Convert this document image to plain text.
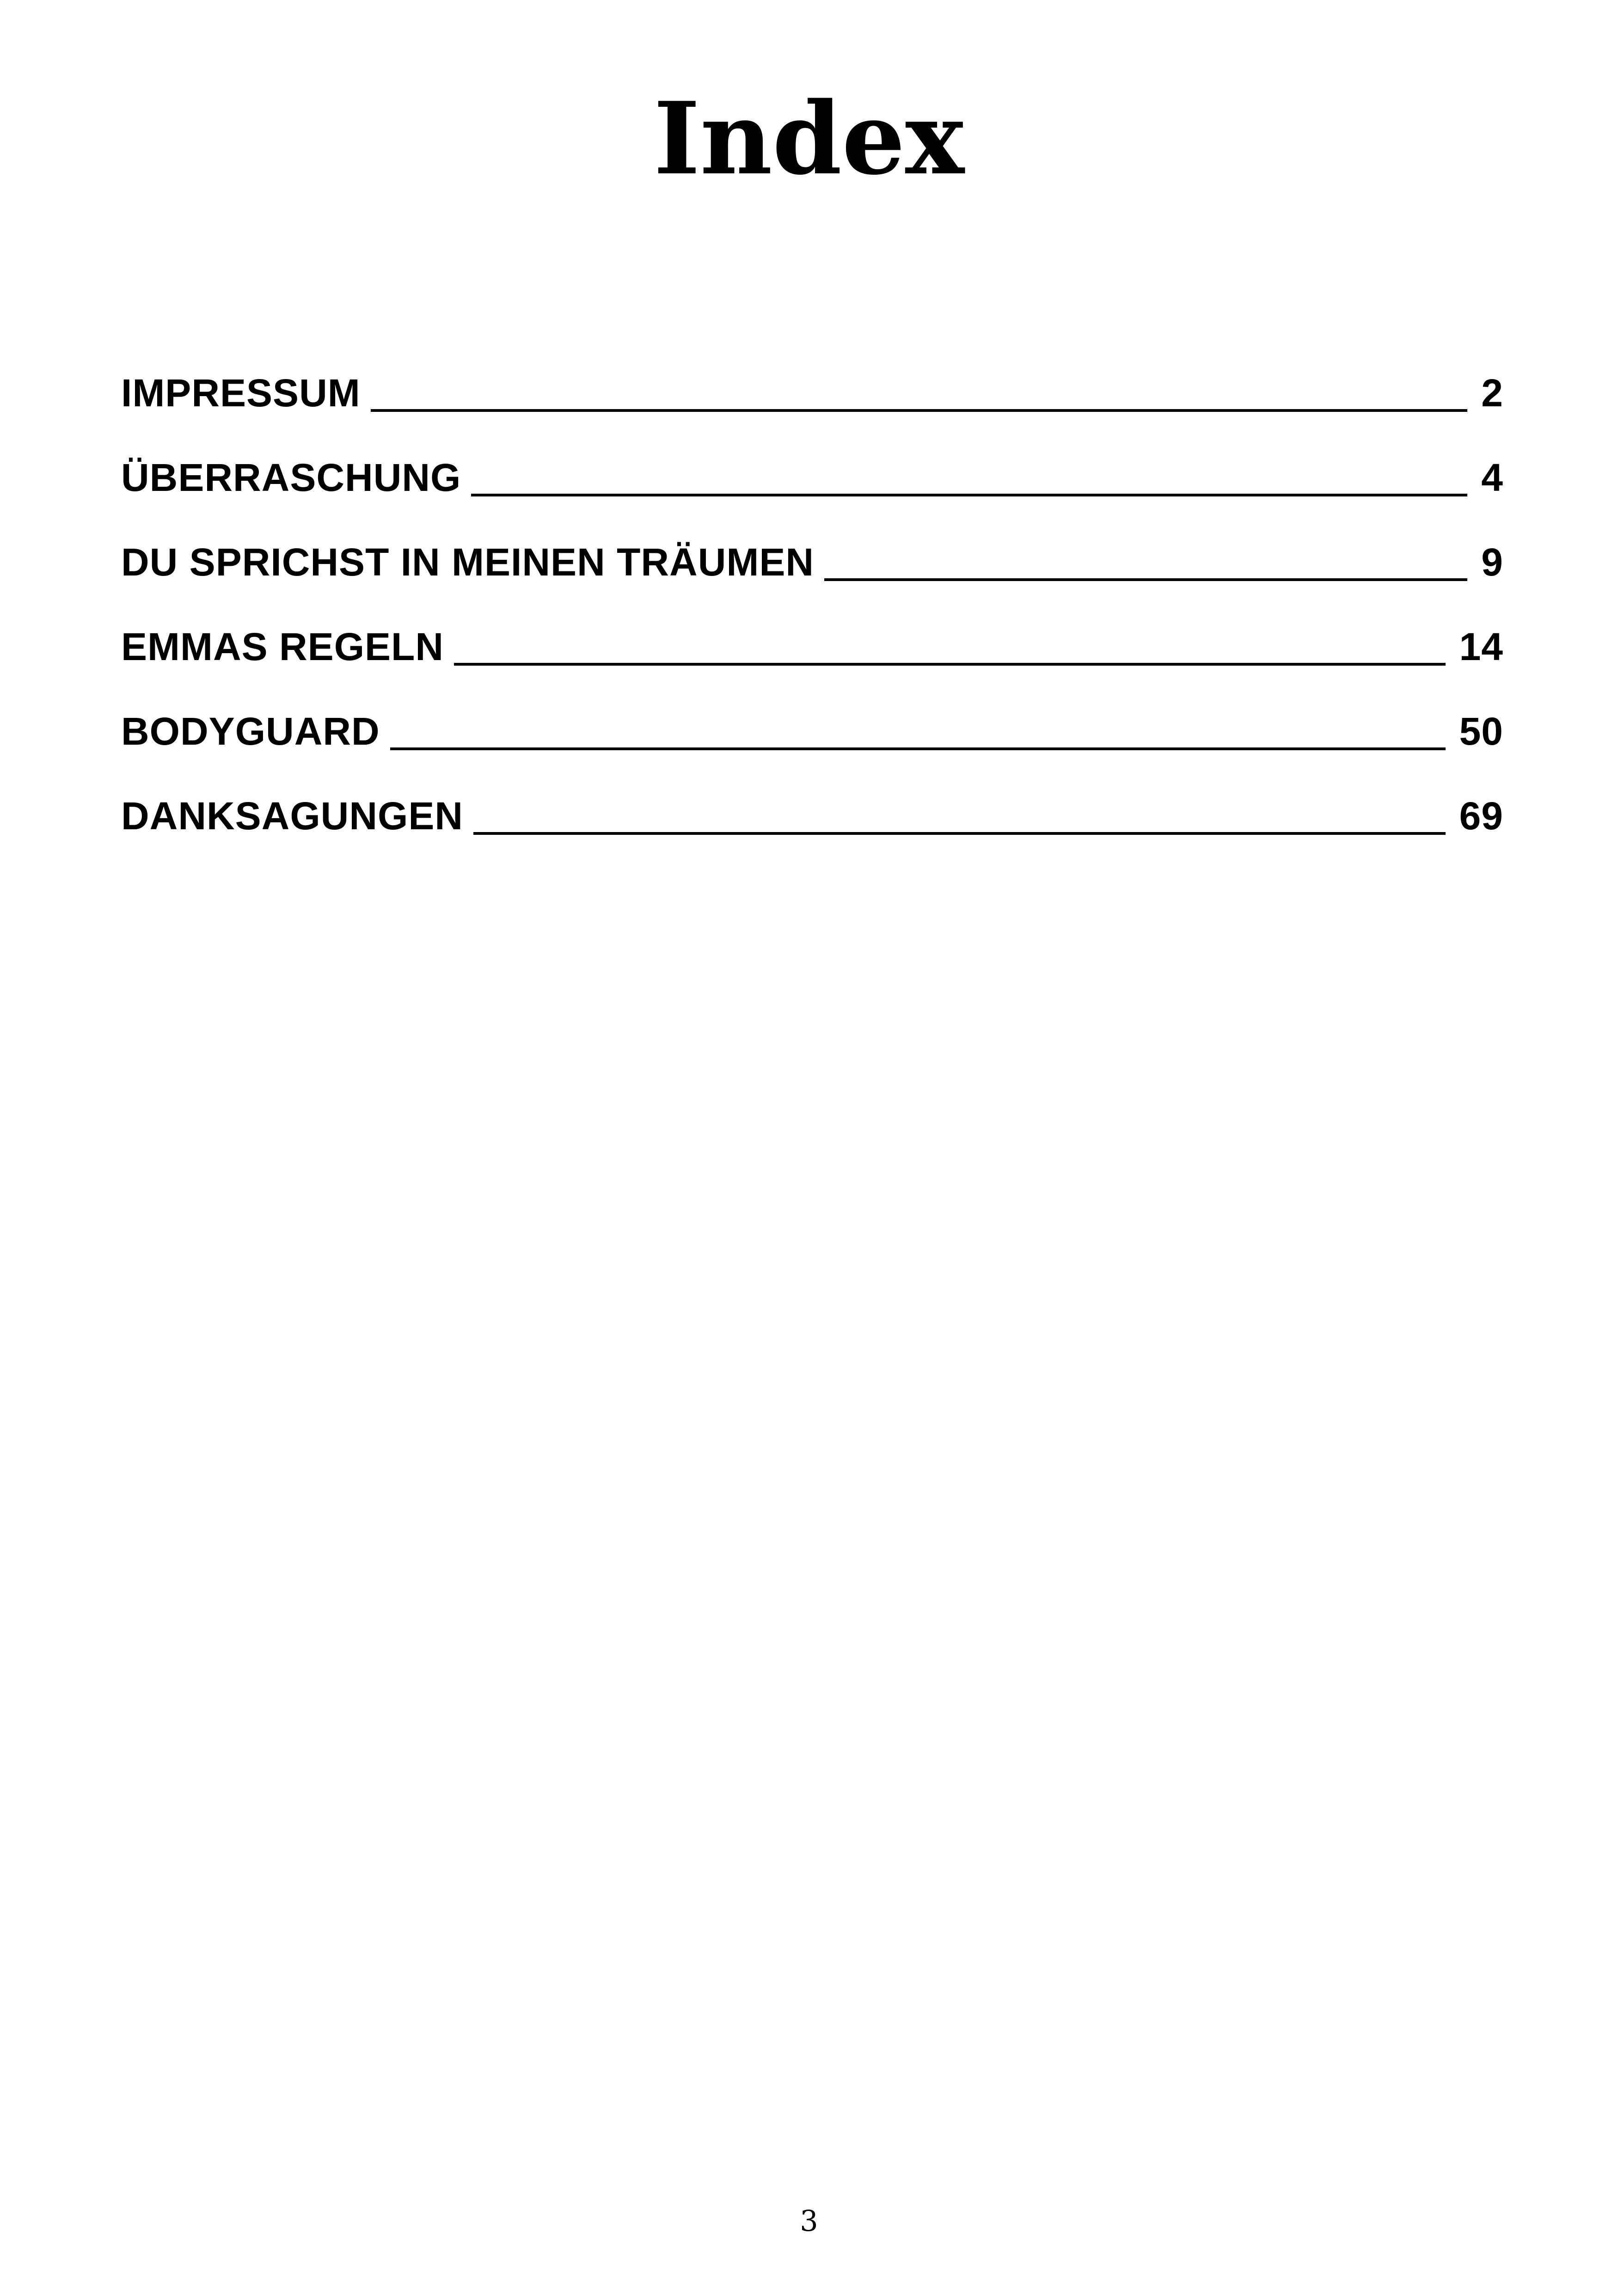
Index
IMPRESSUM	2
ÜBERRASCHUNG	4
DU SPRICHST IN MEINEN TRÄUMEN	9
EMMAS REGELN	14
BODYGUARD	50
DANKSAGUNGEN	69
3
